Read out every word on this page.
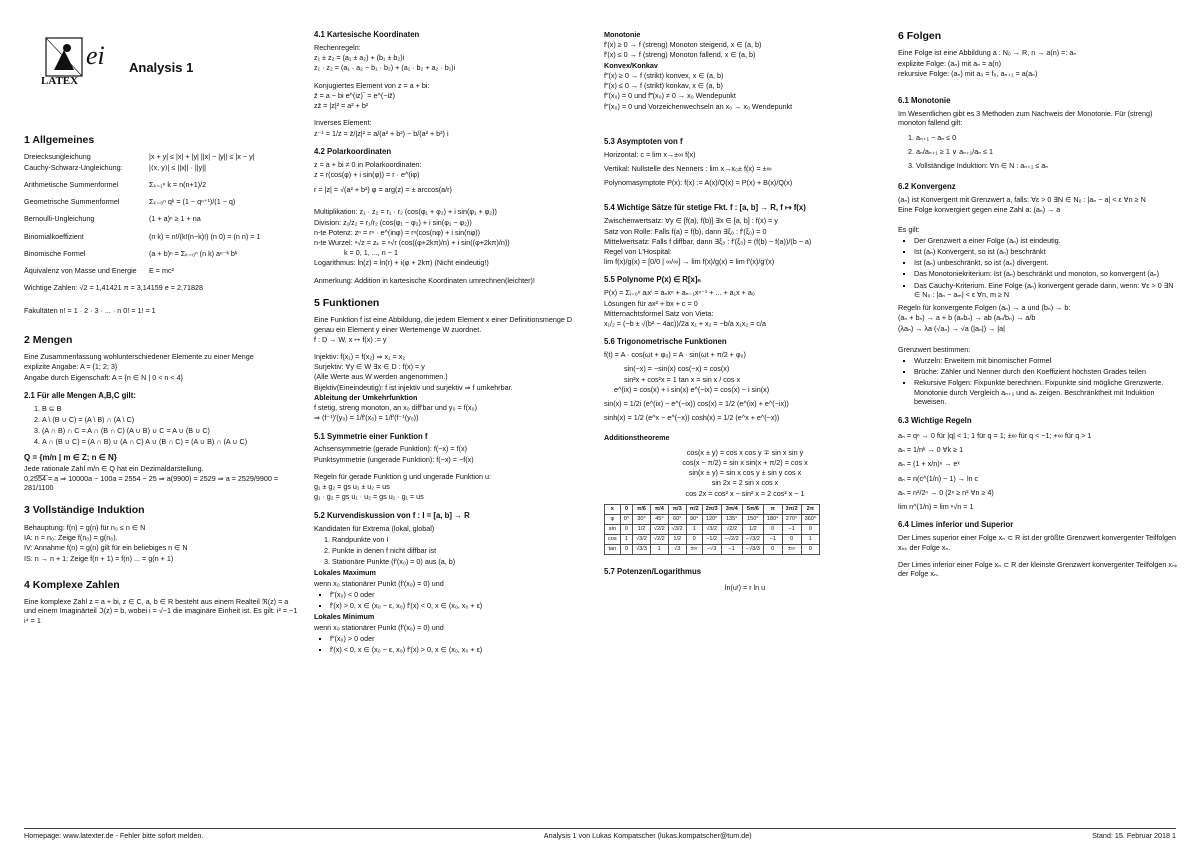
ei
LATEX
Analysis 1
1 Allgemeines
Dreiecksungleichung	|x + y| ≤ |x| + |y| ||x| − |y|| ≤ |x − y|
Cauchy-Schwarz-Ungleichung:	|⟨x, y⟩| ≤ ||x|| · ||y||
Arithmetische Summenformel	Σₖ₌₁ⁿ k = n(n+1)/2
Geometrische Summenformel	Σₖ₌₀ⁿ qᵏ = (1 − qⁿ⁺¹)/(1 − q)
Bernoulli-Ungleichung	(1 + a)ⁿ ≥ 1 + na
Binomialkoeffizient	(n k) = n!/(k!(n−k)!) (n 0) = (n n) = 1
Binomische Formel	(a + b)ⁿ = Σₖ₌₀ⁿ (n k) aⁿ⁻ᵏ bᵏ
Äquivalenz von Masse und Energie E = mc²
Wichtige Zahlen: √2 = 1,41421 π = 3,14159 e = 2,71828
Fakultäten n! = 1 · 2 · 3 · ... · n 0! = 1! = 1
2 Mengen
Eine Zusammenfassung wohlunterschiedener Elemente zu einer Menge
explizite Angabe: A = {1; 2; 3}
Angabe durch Eigenschaft: A = {n ∈ N | 0 < n < 4}
2.1 Für alle Mengen A,B,C gilt:
1. B ⊆ B
2. A \ (B ∪ C) = (A \ B) ∩ (A \ C)
3. (A ∩ B) ∩ C = A ∩ (B ∩ C) (A ∪ B) ∪ C = A ∪ (B ∪ C)
4. A ∩ (B ∪ C) = (A ∩ B) ∪ (A ∩ C) A ∪ (B ∩ C) = (A ∪ B) ∩ (A ∪ C)
Q = {m/n | m ∈ Z; n ∈ N}
Jede rationale Zahl m/n ∈ Q hat ein Dezimaldarstellung.
0,25̅5̅4̅ = a ⇒ 10000a − 100a = 2554 − 25 ⇒ a(9900) = 2529 ⇒ a = 2529/9900 = 281/1100
3 Vollständige Induktion
Behauptung: f(n) = g(n) für n₀ ≤ n ∈ N
IA: n = n₀: Zeige f(n₀) = g(n₀).
IV: Annahme f(n) = g(n) gilt für ein beliebiges n ∈ N
IS: n → n + 1: Zeige f(n + 1) = f(n) ... = g(n + 1)
4 Komplexe Zahlen
Eine komplexe Zahl z = a + bi, z ∈ C, a, b ∈ R besteht aus einem Realteil ℜ(z) = a und einem Imaginärteil ℑ(z) = b, wobei i = √−1 die imaginäre Einheit ist. Es gilt: i² = −1 i⁴ = 1
4.1 Kartesische Koordinaten
Rechenregeln:
z₁ ± z₂ = (a₁ ± a₂) + (b₁ ± b₂)i
z₁ · z₂ = (a₁ · a₂ − b₁ · b₂) + (a₁ · b₂ + a₂ · b₁)i
Konjugiertes Element von z = a + bi:
z̄ = a − bi e^(iz)‾ = e^(−iz̄)
zz̄ = |z|² = a² + b²
Inverses Element:
z⁻¹ = 1/z = z̄/|z|² = a/(a² + b²) − b/(a² + b²) i
4.2 Polarkoordinaten
z = a + bi ≠ 0 in Polarkoordinaten:
z = r(cos(φ) + i sin(φ)) = r · e^(iφ)
r = |z| = √(a² + b²) φ = arg(z) = ± arccos(a/r)
Multiplikation: z₁ · z₂ = r₁ · r₂ (cos(φ₁ + φ₂) + i sin(φ₁ + φ₂))
Division: z₁/z₂ = r₁/r₂ (cos(φ₁ − φ₂) + i sin(φ₁ − φ₂))
n-te Potenz: zⁿ = rⁿ · e^(inφ) = rⁿ(cos(nφ) + i sin(nφ))
n-te Wurzel: ⁿ√z = zₖ = ⁿ√r (cos((φ+2kπ)/n) + i sin((φ+2kπ)/n))
k = 0, 1, ..., n − 1
Logarithmus: ln(z) = ln(r) + i(φ + 2kπ) (Nicht eindeutig!)
Anmerkung: Addition in kartesische Koordinaten umrechnen(leichter)!
5 Funktionen
Eine Funktion f ist eine Abbildung, die jedem Element x einer Definitionsmenge D genau ein Element y einer Wertemenge W zuordnet.
f : D → W, x ↦ f(x) := y
Injektiv: f(x₁) = f(x₂) ⇒ x₁ = x₂
Surjektiv: ∀y ∈ W ∃x ∈ D : f(x) = y
(Alle Werte aus W werden angenommen.)
Bijektiv(Eineindeutig): f ist injektiv und surjektiv ⇒ f umkehrbar.
Ableitung der Umkehrfunktion
f stetig, streng monoton, an x₀ diff'bar und y₀ = f(x₀)
⇒ (f⁻¹)′(y₀) = 1/f′(x₀) = 1/f′(f⁻¹(y₀))
5.1 Symmetrie einer Funktion f
Achsensymmetrie (gerade Funktion): f(−x) = f(x)
Punktsymmetrie (ungerade Funktion): f(−x) = −f(x)
Regeln für gerade Funktion g und ungerade Funktion u:
g₁ ± g₂ = gs u₁ ± u₂ = us
g₁ · g₂ = gs u₁ · u₂ = gs u₁ · g₁ = us
5.2 Kurvendiskussion von f : I = [a, b] → R
Kandidaten für Extrema (lokal, global)
1. Randpunkte von I
2. Punkte in denen f nicht diffbar ist
3. Stationäre Punkte (f′(x₀) = 0) aus (a, b)
Lokales Maximum
wenn x₀ stationärer Punkt (f′(x₀) = 0) und
▪ f″(x₀) < 0 oder
▪ f′(x) > 0, x ∈ (x₀ − ε, x₀) f′(x) < 0, x ∈ (x₀, x₀ + ε)
Lokales Minimum
wenn x₀ stationärer Punkt (f′(x₀) = 0) und
▪ f″(x₀) > 0 oder
▪ f′(x) < 0, x ∈ (x₀ − ε, x₀) f′(x) > 0, x ∈ (x₀, x₀ + ε)
Monotonie
f′(x) ≥ 0 → f (streng) Monoton steigend, x ∈ (a, b)
f′(x) ≤ 0 → f (streng) Monoton fallend, x ∈ (a, b)
Konvex/Konkav
f″(x) ≥ 0 → f (strikt) konvex, x ∈ (a, b)
f″(x) ≤ 0 → f (strikt) konkav, x ∈ (a, b)
f″(x₀) = 0 und f‴(x₀) ≠ 0 → x₀ Wendepunkt
f″(x₀) = 0 und Vorzeichenwechseln an x₀ → x₀ Wendepunkt
5.3 Asymptoten von f
Horizontal: c = lim x→±∞ f(x)
Vertikal: Nullstelle des Nenners : lim x→x₀± f(x) = ±∞
Polynomasymptote P(x): f(x) := A(x)/Q(x) = P(x) + B(x)/Q(x)
5.4 Wichtige Sätze für stetige Fkt. f : [a, b] → R, f ↦ f(x)
Zwischenwertsatz: ∀y ∈ [f(a), f(b)] ∃x ∈ [a, b] : f(x) = y
Satz von Rolle: Falls f(a) = f(b), dann ∃ξ₀ : f′(ξ₀) = 0
Mittelwertsatz: Falls f diffbar, dann ∃ξ₀ : f′(ξ₀) = (f(b) − f(a))/(b − a)
Regel von L'Hospital:
lim f(x)/g(x) = [0/0 | ∞/∞] → lim f(x)/g(x) = lim f′(x)/g′(x)
5.5 Polynome P(x) ∈ R[x]ₙ
P(x) = Σᵢ₌₀ⁿ aᵢxⁱ = aₙxⁿ + aₙ₋₁xⁿ⁻¹ + ... + a₁x + a₀
Lösungen für ax² + bx + c = 0
Mitternachtsformel Satz von Vieta:
x₁/₂ = (−b ± √(b² − 4ac))/2a x₁ + x₂ = −b/a x₁x₂ = c/a
5.6 Trigonometrische Funktionen
f(t) = A · cos(ωt + φ₀) = A · sin(ωt + π/2 + φ₀)
sin(−x) = −sin(x) cos(−x) = cos(x)
sin²x + cos²x = 1 tan x = sin x / cos x
e^(ix) = cos(x) + i sin(x) e^(−ix) = cos(x) − i sin(x)
sin(x) = 1/2i (e^(ix) − e^(−ix)) cos(x) = 1/2 (e^(ix) + e^(−ix))
sinh(x) = 1/2 (e^x − e^(−x)) cosh(x) = 1/2 (e^x + e^(−x))
Additionstheoreme
cos(x ± y) = cos x cos y ∓ sin x sin y
cos(x − π/2) = sin x sin(x + π/2) = cos x
sin(x ± y) = sin x cos y ± sin y cos x
sin 2x = 2 sin x cos x
cos 2x = cos² x − sin² x = 2 cos² x − 1
x	0	π/6	π/4	π/3	π/2	2π/3	3π/4	5π/6	π	3π/2	2π
φ	0°	30°	45°	60°	90°	120°	135°	150°	180°	270°	360°
sin	0	1/2	√2/2	√3/2	1	√3/2	√2/2	1/2	0	−1	0
cos	1	√3/2	√2/2	1/2	0	−1/2	−√2/2	−√3/2	−1	0	1
tan	0	√3/3	1	√3	±∞	−√3	−1	−√3/3	0	±∞	0
5.7 Potenzen/Logarithmus
ln(uʳ) = r ln u
6 Folgen
Eine Folge ist eine Abbildung a : N₀ → R, n → a(n) =: aₙ
explizite Folge: (aₙ) mit aₙ = a(n)
rekursive Folge: (aₙ) mit a₀ = f₀, aₙ₊₁ = a(aₙ)
6.1 Monotonie
Im Wesentlichen gibt es 3 Methoden zum Nachweis der Monotonie. Für (streng) monoton fallend gilt:
1. aₙ₊₁ − aₙ ≤ 0
2. aₙ/aₙ₊₁ ≥ 1 ∨ aₙ₊₁/aₙ ≤ 1
3. Vollständige Induktion: ∀n ∈ N : aₙ₊₁ ≤ aₙ
6.2 Konvergenz
(aₙ) ist Konvergent mit Grenzwert a, falls: ∀ε > 0 ∃N ∈ N₀ : |aₙ − a| < ε ∀n ≥ N
Eine Folge konvergiert gegen eine Zahl a: (aₙ) → a
Es gilt:
▪ Der Grenzwert a einer Folge (aₙ) ist eindeutig.
▪ Ist (aₙ) Konvergent, so ist (aₙ) beschränkt
▪ Ist (aₙ) unbeschränkt, so ist (aₙ) divergent.
▪ Das Monotoniekriterium: Ist (aₙ) beschränkt und monoton, so konvergent (aₙ)
▪ Das Cauchy-Kriterium. Eine Folge (aₙ) konvergent gerade dann, wenn: ∀ε > 0 ∃N ∈ N₀ : |aₙ − aₘ| < ε ∀n, m ≥ N
Regeln für konvergente Folgen (aₙ) → a und (bₙ) → b:
(aₙ + bₙ) → a + b (aₙbₙ) → ab (aₙ/bₙ) → a/b
(λaₙ) → λa (√aₙ) → √a (|aₙ|) → |a|
Grenzwert bestimmen:
▪ Wurzeln: Erweitern mit binomischer Formel
▪ Brüche: Zähler und Nenner durch den Koeffizient höchsten Grades teilen
▪ Rekursive Folgen: Fixpunkte berechnen. Fixpunkte sind mögliche Grenzwerte. Monotonie durch Vergleich aₙ₊₁ und aₙ zeigen. Beschränktheit mit Induktion beweisen.
6.3 Wichtige Regeln
aₙ = qⁿ → 0 für |q| < 1; 1 für q = 1; ±∞ für q < −1; +∞ für q > 1
aₙ = 1/nᵏ → 0 ∀k ≥ 1
aₙ = (1 + x/n)ⁿ → eˣ
aₙ = n(c^(1/n) − 1) → ln c
aₙ = n²/2ⁿ → 0 (2ⁿ ≥ n² ∀n ≥ 4)
lim n^(1/n) = lim ⁿ√n = 1
6.4 Limes inferior und Superior
Der Limes superior einer Folge xₙ ⊂ R ist der größte Grenzwert konvergenter Teilfolgen xₙₖ der Folge xₙ.
Der Limes inferior einer Folge xₙ ⊂ R der kleinste Grenzwert konvergenter Teilfolgen xₙₖ der Folge xₙ.
Homepage: www.latexter.de - Fehler bitte sofort melden.	Analysis 1 von Lukas Kompatscher (lukas.kompatscher@tum.de)	Stand: 15. Februar 2018 1
